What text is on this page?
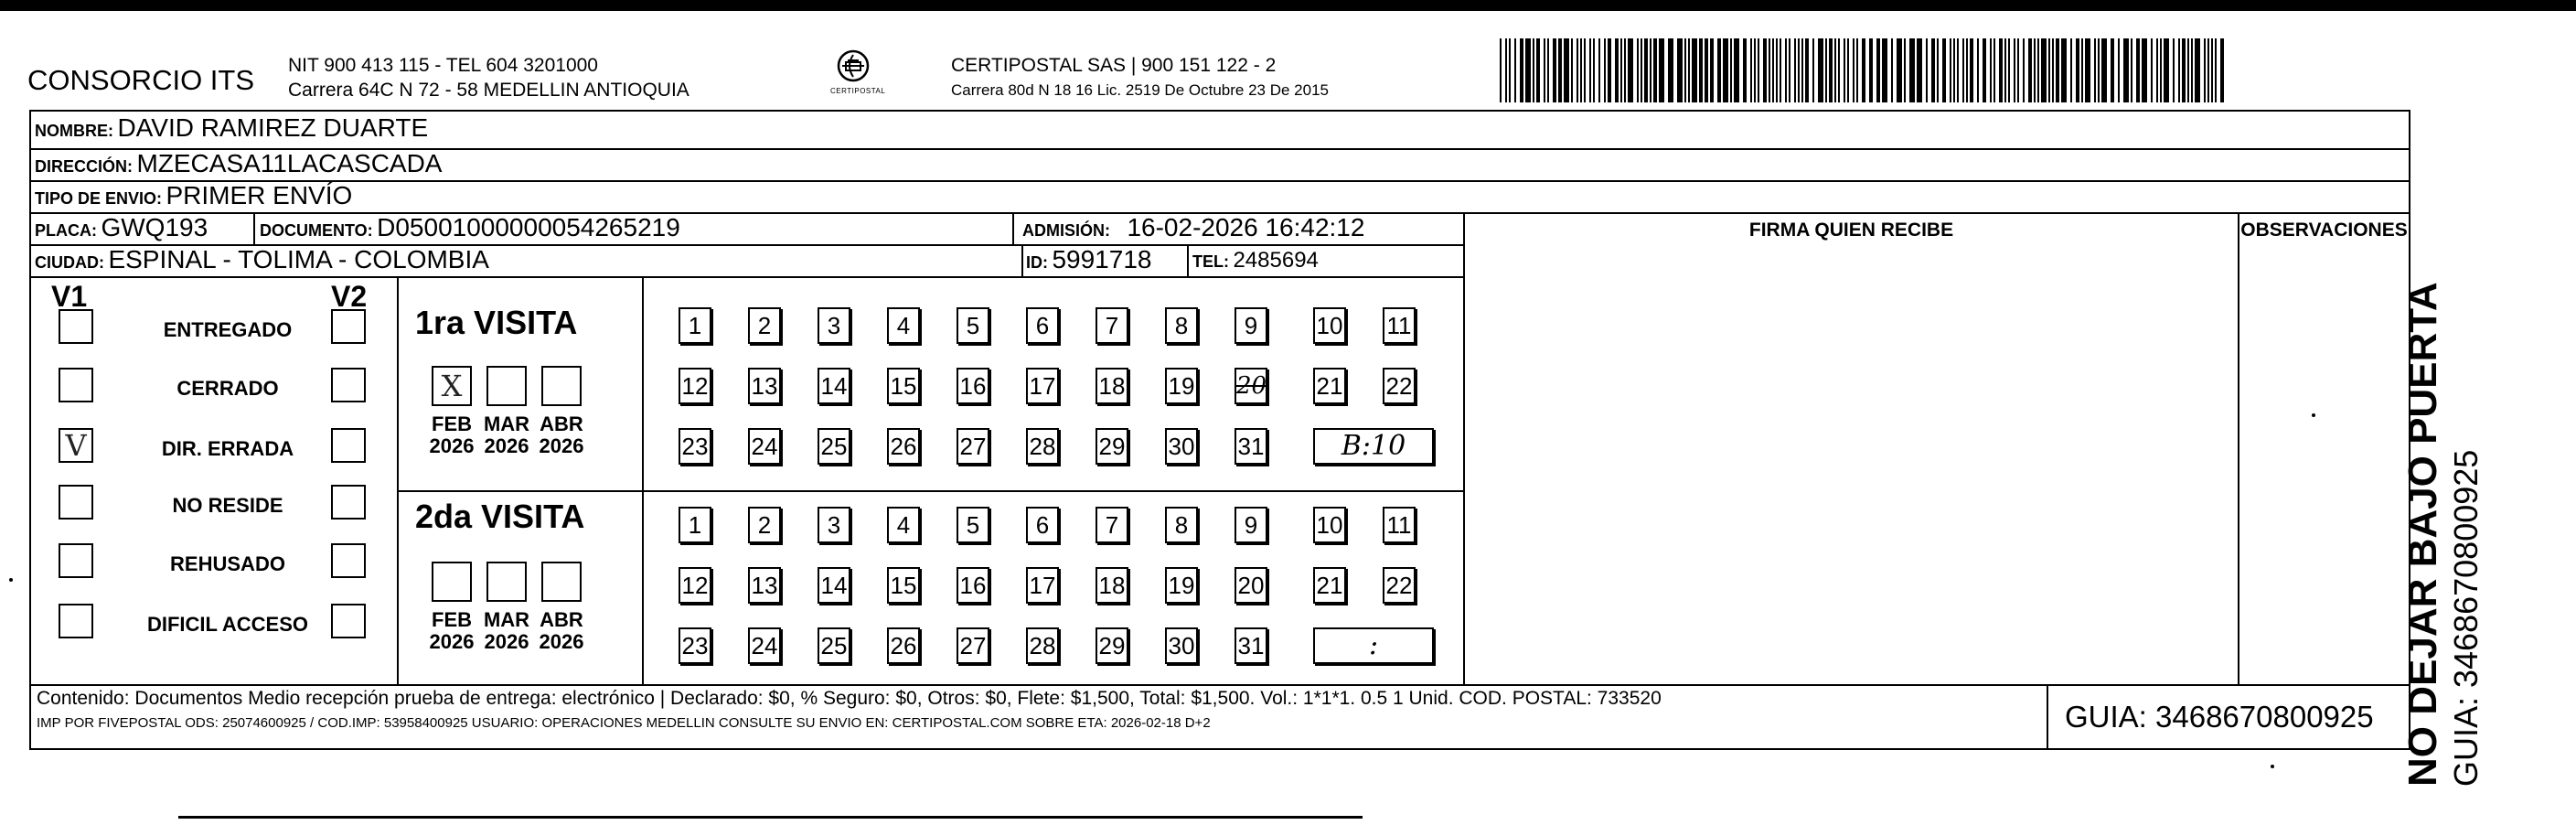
CONSORCIO ITS NIT 900 413 115 - TEL 604 3201000
Carrera 64C N 72 - 58 MEDELLIN ANTIOQUIA	CERTIPOSTAL
CERTIPOSTAL SAS | 900 151 122 - 2
Carrera 80d N 18 16 Lic. 2519 De Octubre 23 De 2015
NOMBRE: DAVID RAMIREZ DUARTE
DIRECCIÓN: MZECASA11LACASCADA
TIPO DE ENVIO: PRIMER ENVÍO
FIRMA QUIEN RECIBE	OBSERVACIONES
PLACA: GWQ193	DOCUMENTO: D05001000000054265219	ADMISIÓN: 16-02-2026 16:42:12
CIUDAD: ESPINAL - TOLIMA - COLOMBIA	ID: 5991718 TEL: 2485694
V1	V2
ENTREGADO
CERRADO
V	DIR. ERRADA
NO RESIDE
REHUSADO
DIFICIL ACCESO
1ra VISITA
X
FEB
2026
MAR
2026
ABR
2026
1	2	3	4	5	6	7	8	9	10 11
12 13 14 15 16 17 18 19 20 21 22
23 24 25 26 27 28 29 30 31	B:10
2da VISITA
FEB
2026
MAR
2026
ABR
2026
1	2	3	4	5	6	7	8	9	10 11
12 13 14 15 16 17 18 19 20 21 22
23 24 25 26 27 28 29 30 31	:
Contenido: Documentos Medio recepción prueba de entrega: electrónico | Declarado: $0, % Seguro: $0, Otros: $0, Flete: $1,500, Total: $1,500. Vol.: 1*1*1. 0.5 1 Unid. COD. POSTAL: 733520
IMP POR FIVEPOSTAL ODS: 25074600925 / COD.IMP: 53958400925 USUARIO: OPERACIONES MEDELLIN CONSULTE SU ENVIO EN: CERTIPOSTAL.COM SOBRE ETA: 2026-02-18 D+2	GUIA: 3468670800925 NO DEJAR BAJO PUERTA GUIA: 3468670800925
